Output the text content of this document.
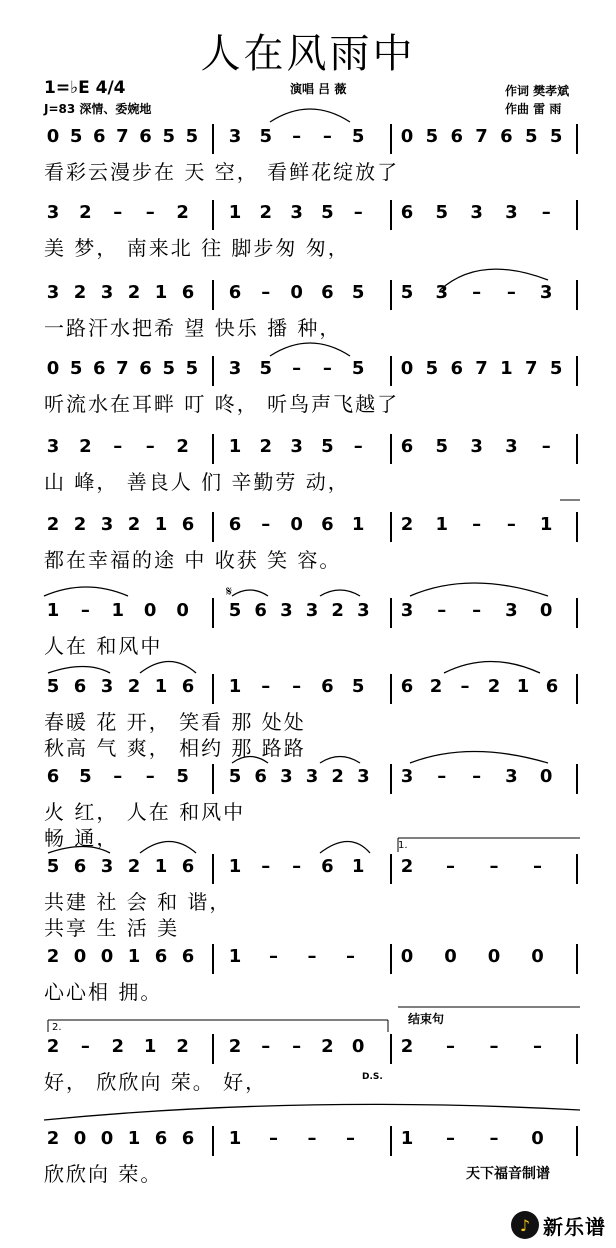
人在风雨中
1=♭E 4/4
J=83 深情、委婉地
演唱 吕 薇	作词 樊孝斌
作曲 雷 雨
0 5 6 7 6 5 5 3 5 – – 5 0 5 6 7 6 5 5
看彩云漫步在 天 空， 看鲜花绽放了
3 2 – – 2 1 2 3 5 – 6 5 3 3 –
美 梦， 南来北 往 脚步匆 匆，
3 2 3 2 1 6 6 – 0 6 5 5 3 – – 3
一路汗水把希 望 快乐 播 种，
0 5 6 7 6 5 5 3 5 – – 5 0 5 6 7 1 7 5
听流水在耳畔 叮 咚， 听鸟声飞越了
3 2 – – 2 1 2 3 5 – 6 5 3 3 –
山 峰， 善良人 们 辛勤劳 动，
2 2 3 2 1 6 6 – 0 6 1 2 1 – – 1
都在幸福的途 中 收获 笑 容。
1 – 1 0 0 5 6 3 3 2 3 3 – – 3 0
人在 和风中
5 6 3 2 1 6 1 – – 6 5 6 2 – 2 1 6
春暖 花 开， 笑看 那 处处
秋高 气 爽， 相约 那 路路
6 5 – – 5 5 6 3 3 2 3 3 – – 3 0
火 红， 人在 和风中
畅 通，
5 6 3 2 1 6 1 – – 6 1 2 – – –
共建 社 会 和 谐，
共享 生 活 美
2 0 0 1 6 6 1 – – –	0 0 0 0
心心相 拥。
2 – 2 1 2 2 – – 2 0 2 – – –
好， 欣欣向 荣。 好，
2 0 0 1 6 6 1 – – –	1 – – 0
欣欣向 荣。
1.
2.
结束句
D.S.
𝄋
天下福音制谱
♪ 新乐谱
